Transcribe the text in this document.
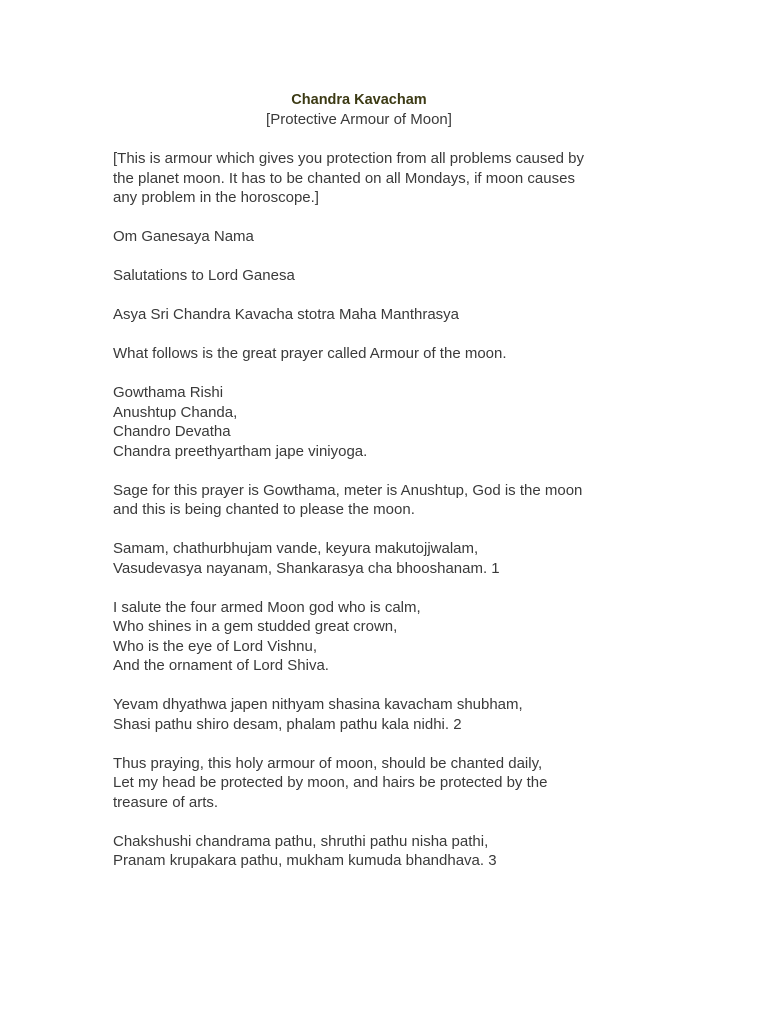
Chandra Kavacham
[Protective Armour of Moon]
[This is armour which gives you protection from all problems caused by
the planet moon. It has to be chanted on all Mondays, if moon causes
any problem in the horoscope.]
Om Ganesaya Nama
Salutations to Lord Ganesa
Asya Sri Chandra Kavacha stotra Maha Manthrasya
What follows is the great prayer called Armour of the moon.
Gowthama Rishi
Anushtup Chanda,
Chandro Devatha
Chandra preethyartham jape viniyoga.
Sage for this prayer is Gowthama, meter is Anushtup, God is the moon
and this is being chanted to please the moon.
Samam, chathurbhujam vande, keyura makutojjwalam,
Vasudevasya nayanam, Shankarasya cha bhooshanam. 1
I salute the four armed Moon god who is calm,
Who shines in a gem studded great crown,
Who is the eye of Lord Vishnu,
And the ornament of Lord Shiva.
Yevam dhyathwa japen nithyam shasina kavacham shubham,
Shasi pathu shiro desam, phalam pathu kala nidhi. 2
Thus praying, this holy armour of moon, should be chanted daily,
Let my head be protected by moon, and hairs be protected by the
treasure of arts.
Chakshushi chandrama pathu, shruthi pathu nisha pathi,
Pranam krupakara pathu, mukham kumuda bhandhava. 3
